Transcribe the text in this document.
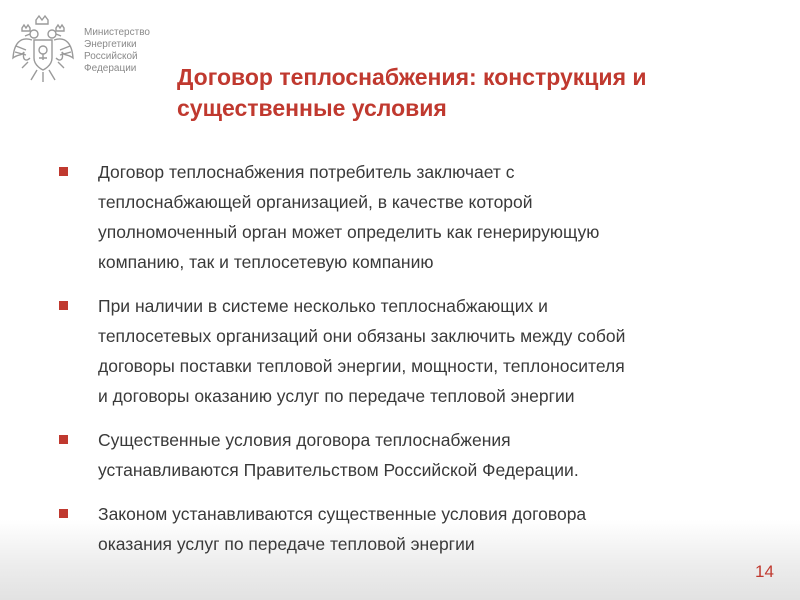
Министерство
Энергетики
Российской
Федерации	Договор теплоснабжения: конструкция и
существенные условия
Договор теплоснабжения потребитель заключает с
теплоснабжающей организацией, в качестве которой
уполномоченный орган может определить как генерирующую
компанию, так и теплосетевую компанию
При наличии в системе несколько теплоснабжающих и
теплосетевых организаций они обязаны заключить между собой
договоры поставки тепловой энергии, мощности, теплоносителя
и договоры оказанию услуг по передаче тепловой энергии
Существенные условия договора теплоснабжения
устанавливаются Правительством Российской Федерации.
Законом устанавливаются существенные условия договора
оказания услуг по передаче тепловой энергии
14
